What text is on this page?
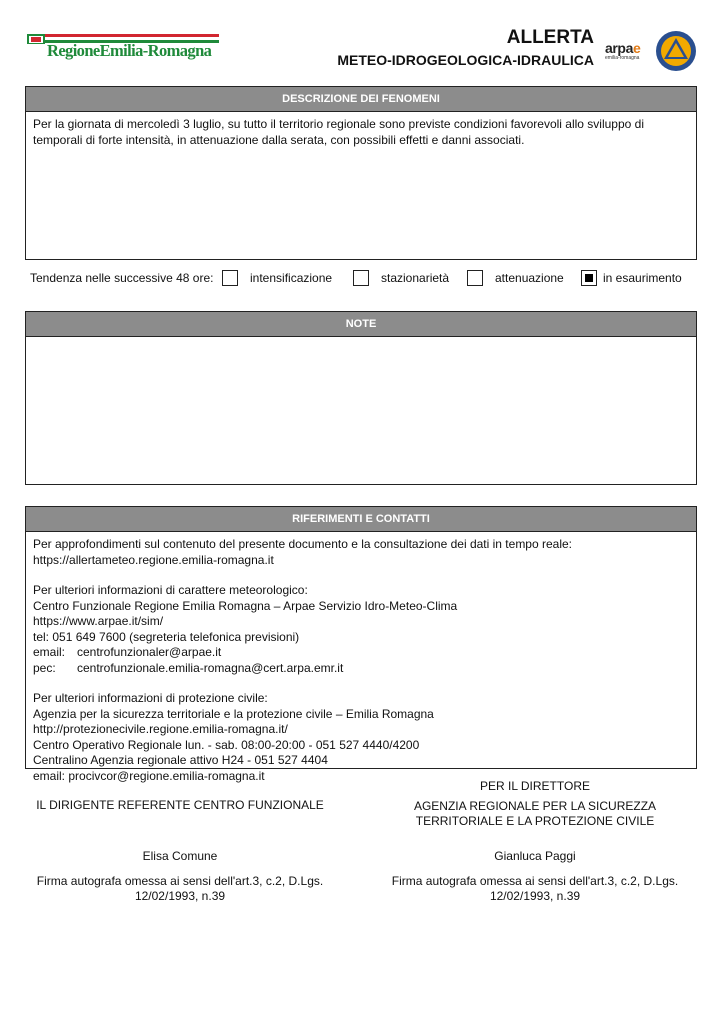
RegioneEmilia-Romagna
ALLERTA
METEO-IDROGEOLOGICA-IDRAULICA
arpae
emilia-romagna
DESCRIZIONE DEI FENOMENI
Per la giornata di mercoledì 3 luglio, su tutto il territorio regionale sono previste condizioni favorevoli allo sviluppo di
temporali di forte intensità, in attenuazione dalla serata, con possibili effetti e danni associati.
Tendenza nelle successive 48 ore:	intensificazione	stazionarietà	attenuazione	in esaurimento
NOTE
RIFERIMENTI E CONTATTI
Per approfondimenti sul contenuto del presente documento e la consultazione dei dati in tempo reale:
https://allertameteo.regione.emilia-romagna.it
Per ulteriori informazioni di carattere meteorologico:
Centro Funzionale Regione Emilia Romagna – Arpae Servizio Idro-Meteo-Clima
https://www.arpae.it/sim/
tel: 051 649 7600 (segreteria telefonica previsioni)
email: centrofunzionaler@arpae.it
pec:	centrofunzionale.emilia-romagna@cert.arpa.emr.it
Per ulteriori informazioni di protezione civile:
Agenzia per la sicurezza territoriale e la protezione civile – Emilia Romagna
http://protezionecivile.regione.emilia-romagna.it/
Centro Operativo Regionale lun. - sab. 08:00-20:00 - 051 527 4440/4200
Centralino Agenzia regionale attivo H24 - 051 527 4404
email: procivcor@regione.emilia-romagna.it
IL DIRIGENTE REFERENTE CENTRO FUNZIONALE
Elisa Comune
Firma autografa omessa ai sensi dell'art.3, c.2, D.Lgs.
12/02/1993, n.39
PER IL DIRETTORE
AGENZIA REGIONALE PER LA SICUREZZA
TERRITORIALE E LA PROTEZIONE CIVILE
Gianluca Paggi
Firma autografa omessa ai sensi dell'art.3, c.2, D.Lgs.
12/02/1993, n.39
